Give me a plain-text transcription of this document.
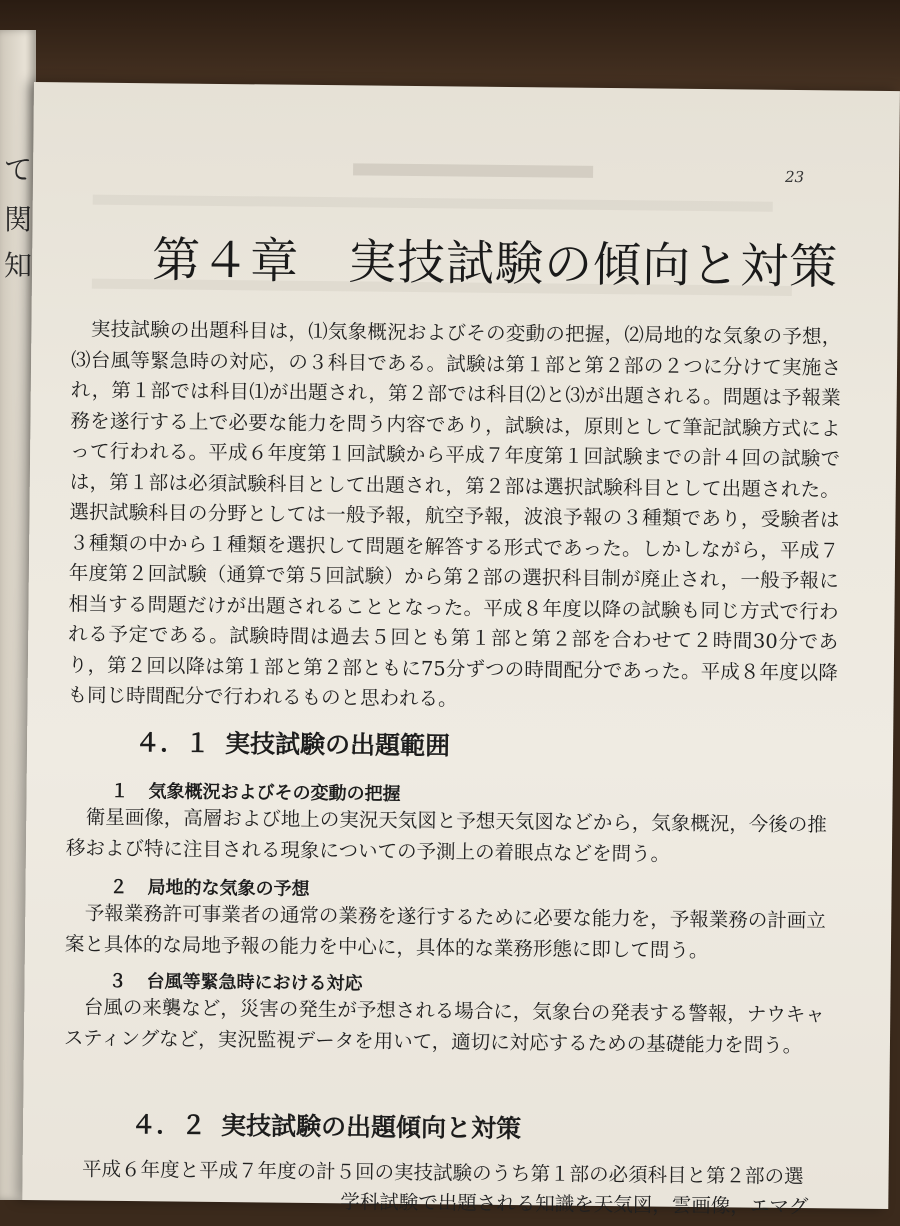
て
関
知
23
第４章　実技試験の傾向と対策

実技試験の出題科目は，⑴気象概況およびその変動の把握，⑵局地的な気象の予想，⑶台風等緊急時の対応，の３科目である。試験は第１部と第２部の２つに分けて実施され，第１部では科目⑴が出題され，第２部では科目⑵と⑶が出題される。問題は予報業務を遂行する上で必要な能力を問う内容であり，試験は，原則として筆記試験方式によって行われる。平成６年度第１回試験から平成７年度第１回試験までの計４回の試験では，第１部は必須試験科目として出題され，第２部は選択試験科目として出題された。選択試験科目の分野としては一般予報，航空予報，波浪予報の３種類であり，受験者は３種類の中から１種類を選択して問題を解答する形式であった。しかしながら，平成７年度第２回試験（通算で第５回試験）から第２部の選択科目制が廃止され，一般予報に相当する問題だけが出題されることとなった。平成８年度以降の試験も同じ方式で行われる予定である。試験時間は過去５回とも第１部と第２部を合わせて２時間30分であり，第２回以降は第１部と第２部ともに75分ずつの時間配分であった。平成８年度以降も同じ時間配分で行われるものと思われる。

４．１ 実技試験の出題範囲
１ 気象概況およびその変動の把握

衛星画像，高層および地上の実況天気図と予想天気図などから，気象概況，今後の推移および特に注目される現象についての予測上の着眼点などを問う。

２ 局地的な気象の予想

予報業務許可事業者の通常の業務を遂行するために必要な能力を，予報業務の計画立案と具体的な局地予報の能力を中心に，具体的な業務形態に即して問う。

３ 台風等緊急時における対応

台風の来襲など，災害の発生が予想される場合に，気象台の発表する警報，ナウキャスティングなど，実況監視データを用いて，適切に対応するための基礎能力を問う。

４．２ 実技試験の出題傾向と対策
平成６年度と平成７年度の計５回の実技試験のうち第１部の必須科目と第２部の選
学科試験で出題される知識を天気図，雲画像，エマグ
